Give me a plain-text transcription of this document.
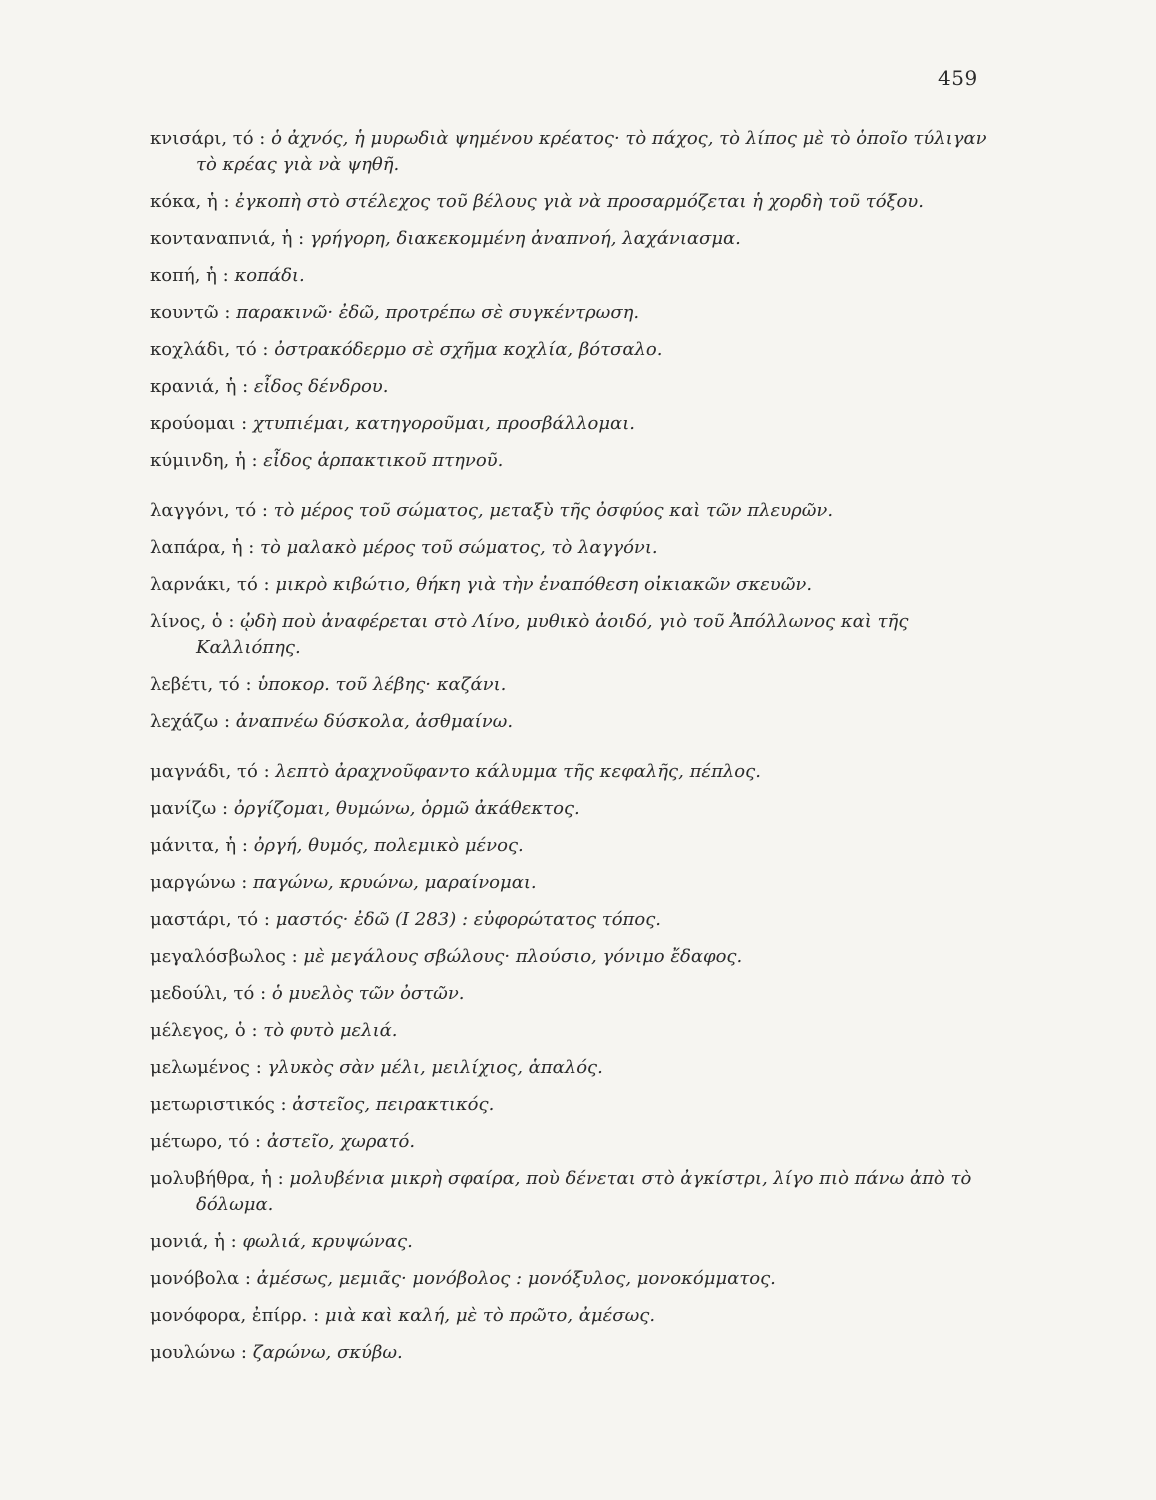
459
κνισάρι, τό : ὁ ἀχνός, ἡ μυρωδιὰ ψημένου κρέατος· τὸ πάχος, τὸ λίπος μὲ τὸ ὁποῖο τύλιγαν τὸ κρέας γιὰ νὰ ψηθῆ.
κόκα, ἡ : ἐγκοπὴ στὸ στέλεχος τοῦ βέλους γιὰ νὰ προσαρμόζεται ἡ χορδὴ τοῦ τόξου.
κονταναπνιά, ἡ : γρήγορη, διακεκομμένη ἀναπνοή, λαχάνιασμα.
κοπή, ἡ : κοπάδι.
κουντῶ : παρακινῶ· ἐδῶ, προτρέπω σὲ συγκέντρωση.
κοχλάδι, τό : ὀστρακόδερμο σὲ σχῆμα κοχλία, βότσαλο.
κρανιά, ἡ : εἶδος δένδρου.
κρούομαι : χτυπιέμαι, κατηγοροῦμαι, προσβάλλομαι.
κύμινδη, ἡ : εἶδος ἁρπακτικοῦ πτηνοῦ.
λαγγόνι, τό : τὸ μέρος τοῦ σώματος, μεταξὺ τῆς ὀσφύος καὶ τῶν πλευρῶν.
λαπάρα, ἡ : τὸ μαλακὸ μέρος τοῦ σώματος, τὸ λαγγόνι.
λαρνάκι, τό : μικρὸ κιβώτιο, θήκη γιὰ τὴν ἐναπόθεση οἰκιακῶν σκευῶν.
λίνος, ὁ : ᾠδὴ ποὺ ἀναφέρεται στὸ Λίνο, μυθικὸ ἀοιδό, γιὸ τοῦ Ἀπόλλωνος καὶ τῆς Καλλιόπης.
λεβέτι, τό : ὑποκορ. τοῦ λέβης· καζάνι.
λεχάζω : ἀναπνέω δύσκολα, ἀσθμαίνω.
μαγνάδι, τό : λεπτὸ ἀραχνοῦφαντο κάλυμμα τῆς κεφαλῆς, πέπλος.
μανίζω : ὀργίζομαι, θυμώνω, ὁρμῶ ἀκάθεκτος.
μάνιτα, ἡ : ὀργή, θυμός, πολεμικὸ μένος.
μαργώνω : παγώνω, κρυώνω, μαραίνομαι.
μαστάρι, τό : μαστός· ἐδῶ (Ι 283) : εὐφορώτατος τόπος.
μεγαλόσβωλος : μὲ μεγάλους σβώλους· πλούσιο, γόνιμο ἔδαφος.
μεδούλι, τό : ὁ μυελὸς τῶν ὀστῶν.
μέλεγος, ὁ : τὸ φυτὸ μελιά.
μελωμένος : γλυκὸς σὰν μέλι, μειλίχιος, ἁπαλός.
μετωριστικός : ἀστεῖος, πειρακτικός.
μέτωρο, τό : ἀστεῖο, χωρατό.
μολυβήθρα, ἡ : μολυβένια μικρὴ σφαίρα, ποὺ δένεται στὸ ἀγκίστρι, λίγο πιὸ πάνω ἀπὸ τὸ δόλωμα.
μονιά, ἡ : φωλιά, κρυψώνας.
μονόβολα : ἀμέσως, μεμιᾶς· μονόβολος : μονόξυλος, μονοκόμματος.
μονόφορα, ἐπίρρ. : μιὰ καὶ καλή, μὲ τὸ πρῶτο, ἀμέσως.
μουλώνω : ζαρώνω, σκύβω.
